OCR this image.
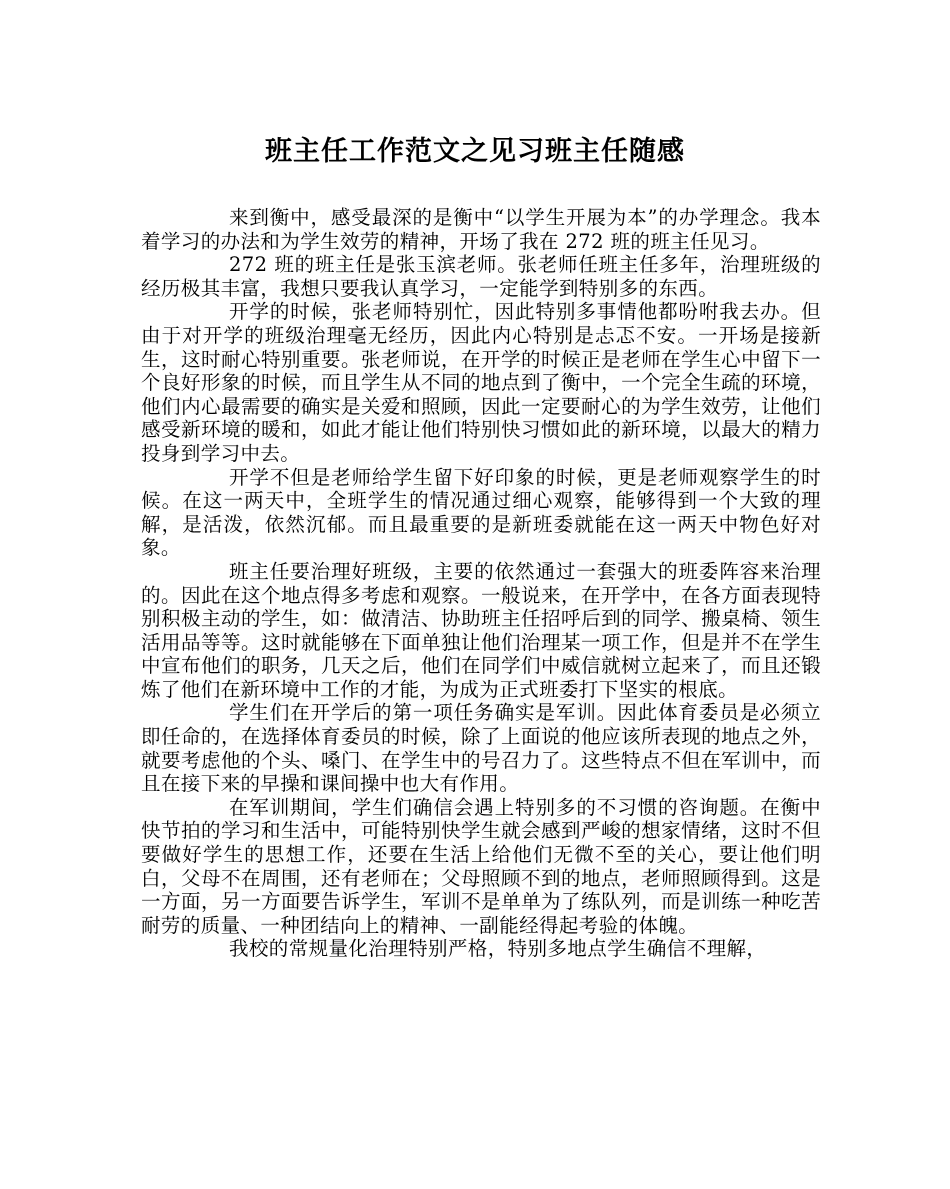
班主任工作范文之见习班主任随感

来到衡中，感受最深的是衡中“以学生开展为本”的办学理念。我本着学习的办法和为学生效劳的精神，开场了我在 272 班的班主任见习。

272 班的班主任是张玉滨老师。张老师任班主任多年，治理班级的经历极其丰富，我想只要我认真学习，一定能学到特别多的东西。

开学的时候，张老师特别忙，因此特别多事情他都吩咐我去办。但由于对开学的班级治理毫无经历，因此内心特别是忐忑不安。一开场是接新生，这时耐心特别重要。张老师说，在开学的时候正是老师在学生心中留下一个良好形象的时候，而且学生从不同的地点到了衡中，一个完全生疏的环境，他们内心最需要的确实是关爱和照顾，因此一定要耐心的为学生效劳，让他们感受新环境的暖和，如此才能让他们特别快习惯如此的新环境，以最大的精力投身到学习中去。

开学不但是老师给学生留下好印象的时候，更是老师观察学生的时候。在这一两天中，全班学生的情况通过细心观察，能够得到一个大致的理解，是活泼，依然沉郁。而且最重要的是新班委就能在这一两天中物色好对象。

班主任要治理好班级，主要的依然通过一套强大的班委阵容来治理的。因此在这个地点得多考虑和观察。一般说来，在开学中，在各方面表现特别积极主动的学生，如：做清洁、协助班主任招呼后到的同学、搬桌椅、领生活用品等等。这时就能够在下面单独让他们治理某一项工作，但是并不在学生中宣布他们的职务，几天之后，他们在同学们中威信就树立起来了，而且还锻炼了他们在新环境中工作的才能，为成为正式班委打下坚实的根底。

学生们在开学后的第一项任务确实是军训。因此体育委员是必须立即任命的，在选择体育委员的时候，除了上面说的他应该所表现的地点之外，就要考虑他的个头、嗓门、在学生中的号召力了。这些特点不但在军训中，而且在接下来的早操和课间操中也大有作用。

在军训期间，学生们确信会遇上特别多的不习惯的咨询题。在衡中快节拍的学习和生活中，可能特别快学生就会感到严峻的想家情绪，这时不但要做好学生的思想工作，还要在生活上给他们无微不至的关心，要让他们明白，父母不在周围，还有老师在；父母照顾不到的地点，老师照顾得到。这是一方面，另一方面要告诉学生，军训不是单单为了练队列，而是训练一种吃苦耐劳的质量、一种团结向上的精神、一副能经得起考验的体魄。

我校的常规量化治理特别严格，特别多地点学生确信不理解，
